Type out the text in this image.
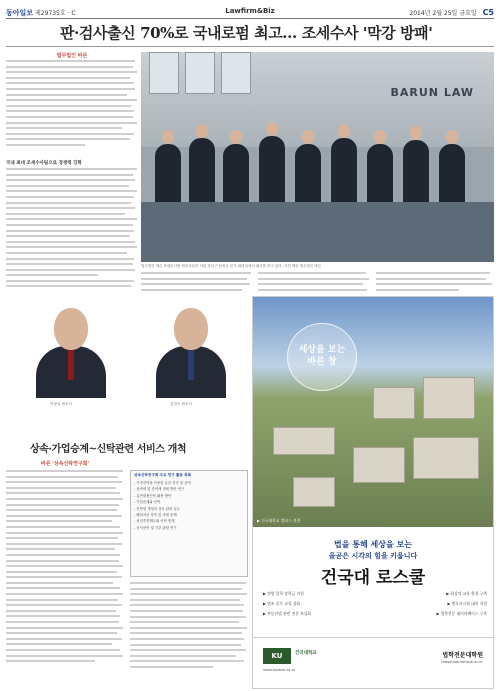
동아일보 제29735호 · C	Lawfirm&Biz	2014년 2월 25일 금요일 C5
판·검사출신 70%로 국내로펌 최고… 조세수사 '막강 방패'
법무법인 바른
국내 최대 조세수사팀으로 경쟁력 강화
BARUN LAW
법무법인 바른 조세수사팀 변호사들이 서울 강남구 삼성동 본사 회의실에서 회의를 하고 있다. 사진 제공 법무법인 바른
이창일 변호사	김진오 변호사
상속·가업승계~신탁관련 서비스 개척
바른 '상속신탁연구회'
상속신탁연구회 주요 연구 활동 목록
- 가족신탁을 이용한 유산 상속 및 증여
- 상속세 및 증여세 절세 방안 연구
- 유언대용신탁 활용 방안
- 가업승계와 신탁
- 신탁법 개정과 상속 관련 실무
- 해외자산 상속 및 조세 문제
- 성년후견제도와 신탁 연계
- 공익신탁 및 기부 관련 연구
세상을 보는
바른 창
▶ 건국대학교 캠퍼스 전경
법을 통해 세상을 보는
올곧은 시각의 힘을 키웁니다
건국대 로스쿨
▶ 전원 입학 장학금 지원	▶ 최상의 교육 환경 구축
▶ 법조 실무 교육 강화	▶ 변호사시험 대비 지원
▶ 부동산법 관련 전문 특성화	▶ 법학전문 데이터베이스 구축
KU	건국대학교
www.konkuk.ac.kr
법학전문대학원
lawschool.konkuk.ac.kr
